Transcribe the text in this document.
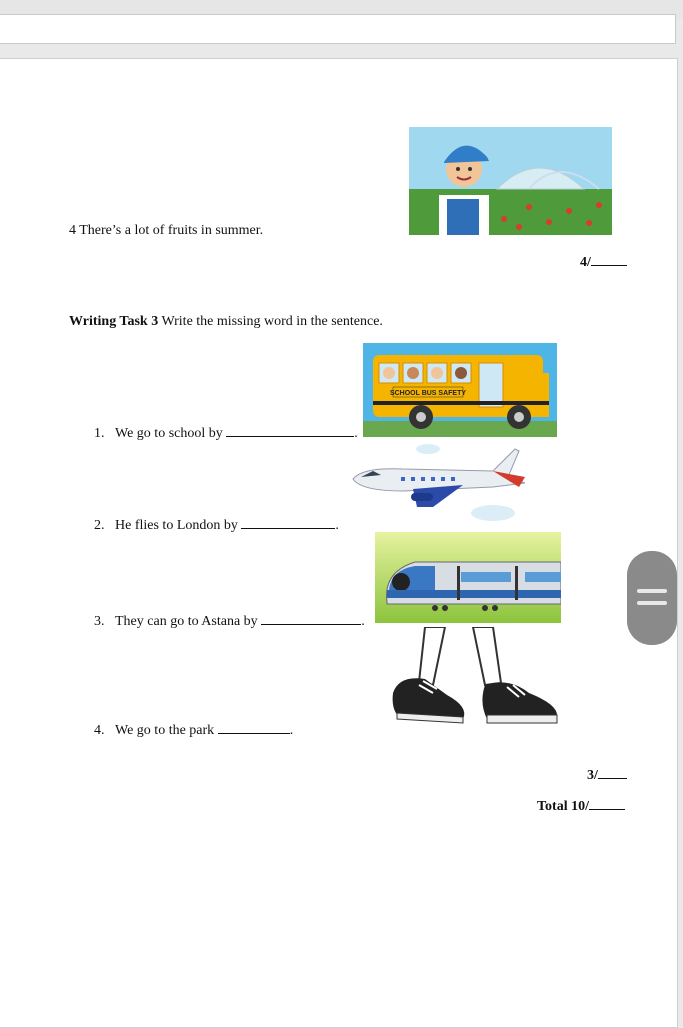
4 There’s a lot of fruits in summer.
4/
Writing Task 3 Write the missing word in the sentence.
SCHOOL BUS SAFETY
1. We go to school by	.
2. He flies to London by	.
3. They can go to Astana by	.
4. We go to the park	.
3/
Total 10/
